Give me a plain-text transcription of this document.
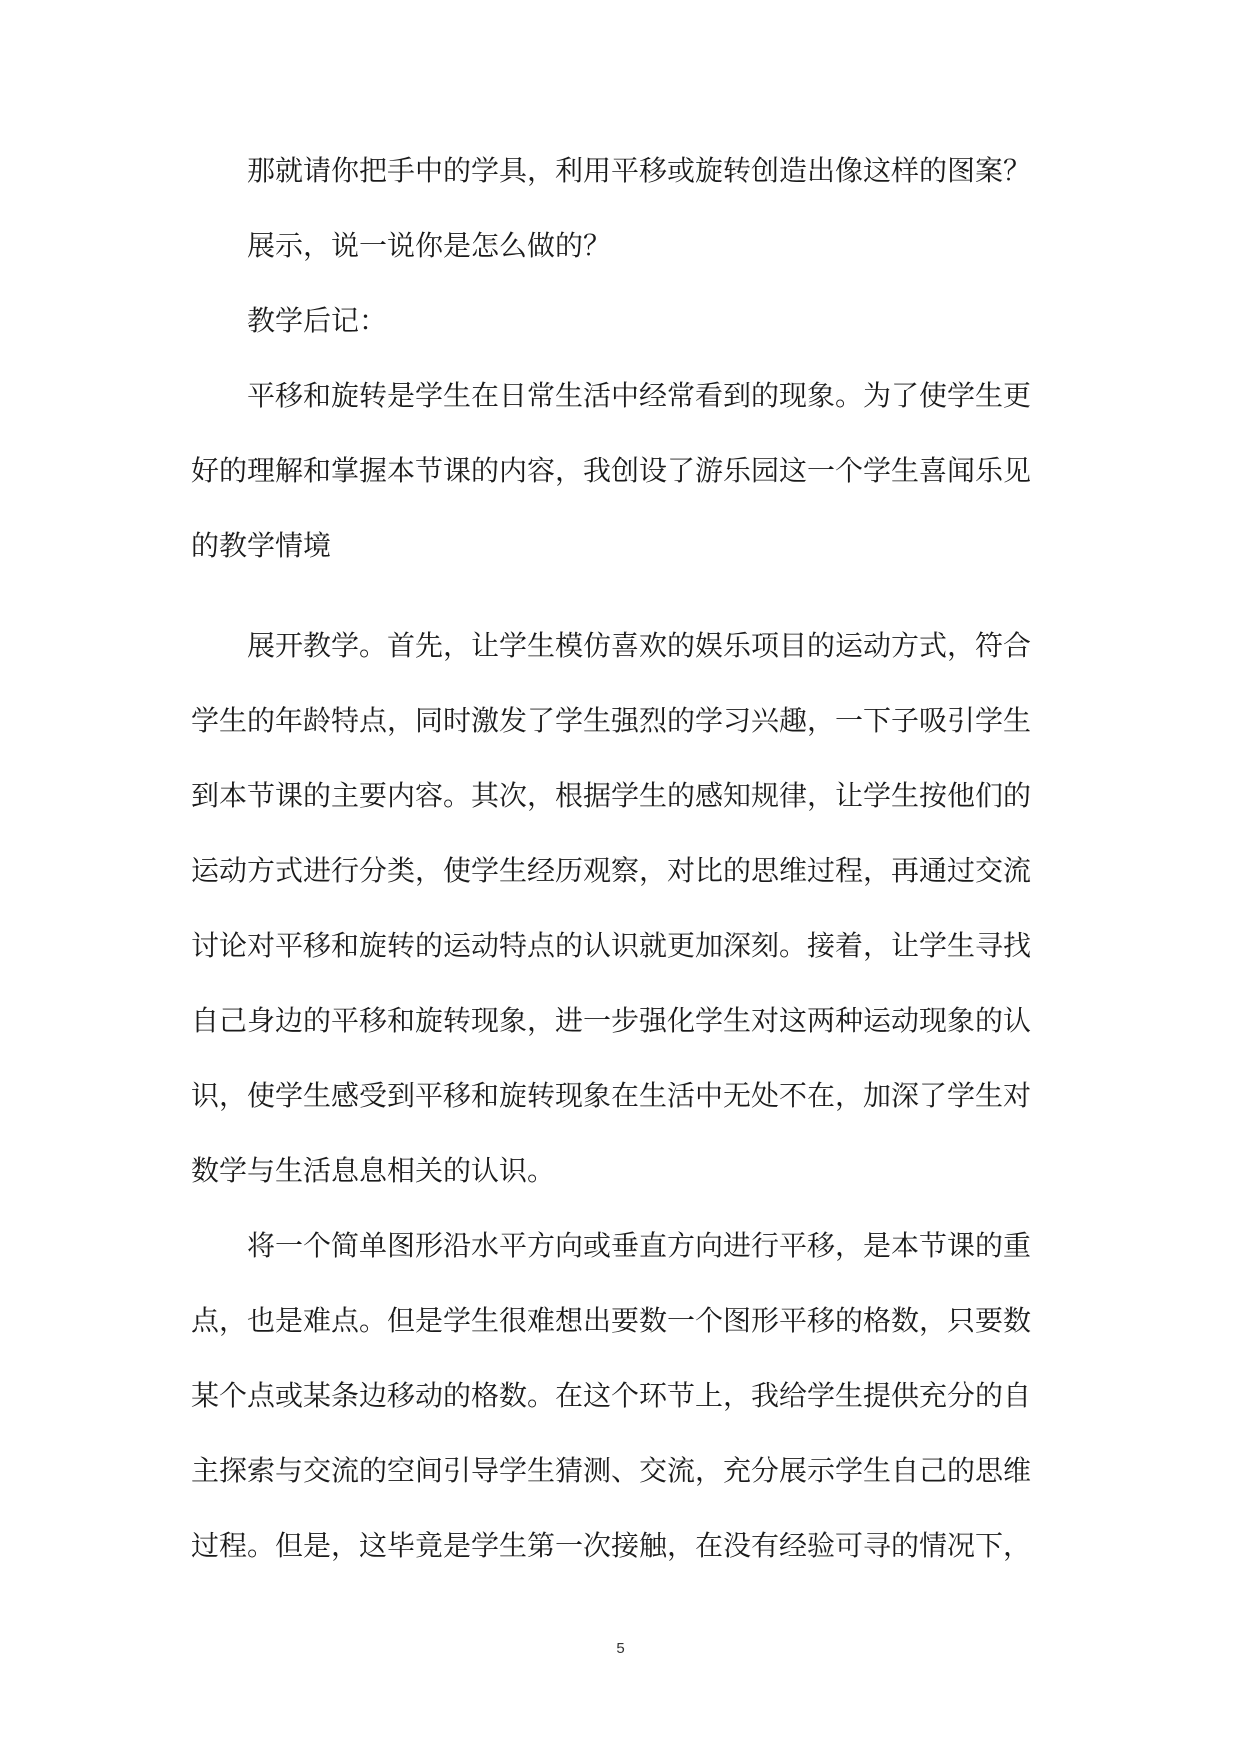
那就请你把手中的学具，利用平移或旋转创造出像这样的图案？
展示，说一说你是怎么做的？
教学后记：
平移和旋转是学生在日常生活中经常看到的现象。为了使学生更
好的理解和掌握本节课的内容，我创设了游乐园这一个学生喜闻乐见
的教学情境
展开教学。首先，让学生模仿喜欢的娱乐项目的运动方式，符合
学生的年龄特点，同时激发了学生强烈的学习兴趣，一下子吸引学生
到本节课的主要内容。其次，根据学生的感知规律，让学生按他们的
运动方式进行分类，使学生经历观察，对比的思维过程，再通过交流
讨论对平移和旋转的运动特点的认识就更加深刻。接着，让学生寻找
自己身边的平移和旋转现象，进一步强化学生对这两种运动现象的认
识，使学生感受到平移和旋转现象在生活中无处不在，加深了学生对
数学与生活息息相关的认识。
将一个简单图形沿水平方向或垂直方向进行平移，是本节课的重
点，也是难点。但是学生很难想出要数一个图形平移的格数，只要数
某个点或某条边移动的格数。在这个环节上，我给学生提供充分的自
主探索与交流的空间引导学生猜测、交流，充分展示学生自己的思维
过程。但是，这毕竟是学生第一次接触，在没有经验可寻的情况下，
5
